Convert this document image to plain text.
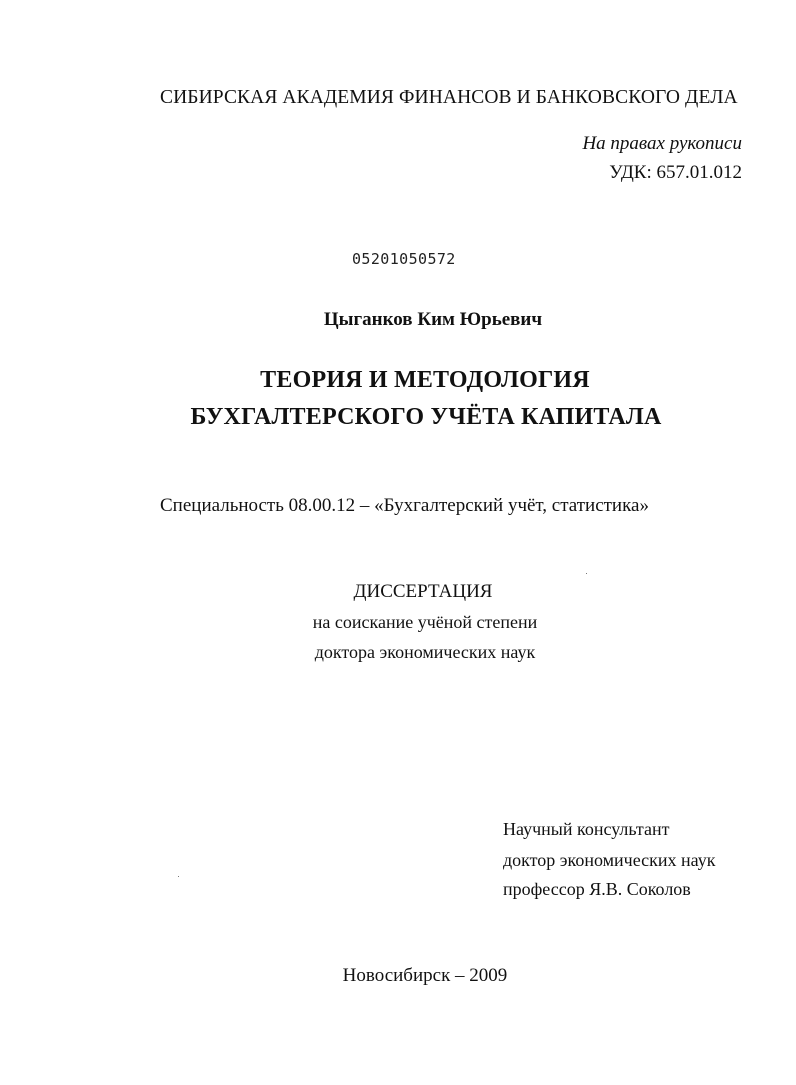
СИБИРСКАЯ АКАДЕМИЯ ФИНАНСОВ И БАНКОВСКОГО ДЕЛА
На правах рукописи
УДК: 657.01.012
05201050572
Цыганков Ким Юрьевич
ТЕОРИЯ И МЕТОДОЛОГИЯ
БУХГАЛТЕРСКОГО УЧЁТА КАПИТАЛА
Специальность 08.00.12 – «Бухгалтерский учёт, статистика»
ДИССЕРТАЦИЯ
на соискание учёной степени
доктора экономических наук
Научный консультант
доктор экономических наук
профессор Я.В. Соколов
Новосибирск – 2009
